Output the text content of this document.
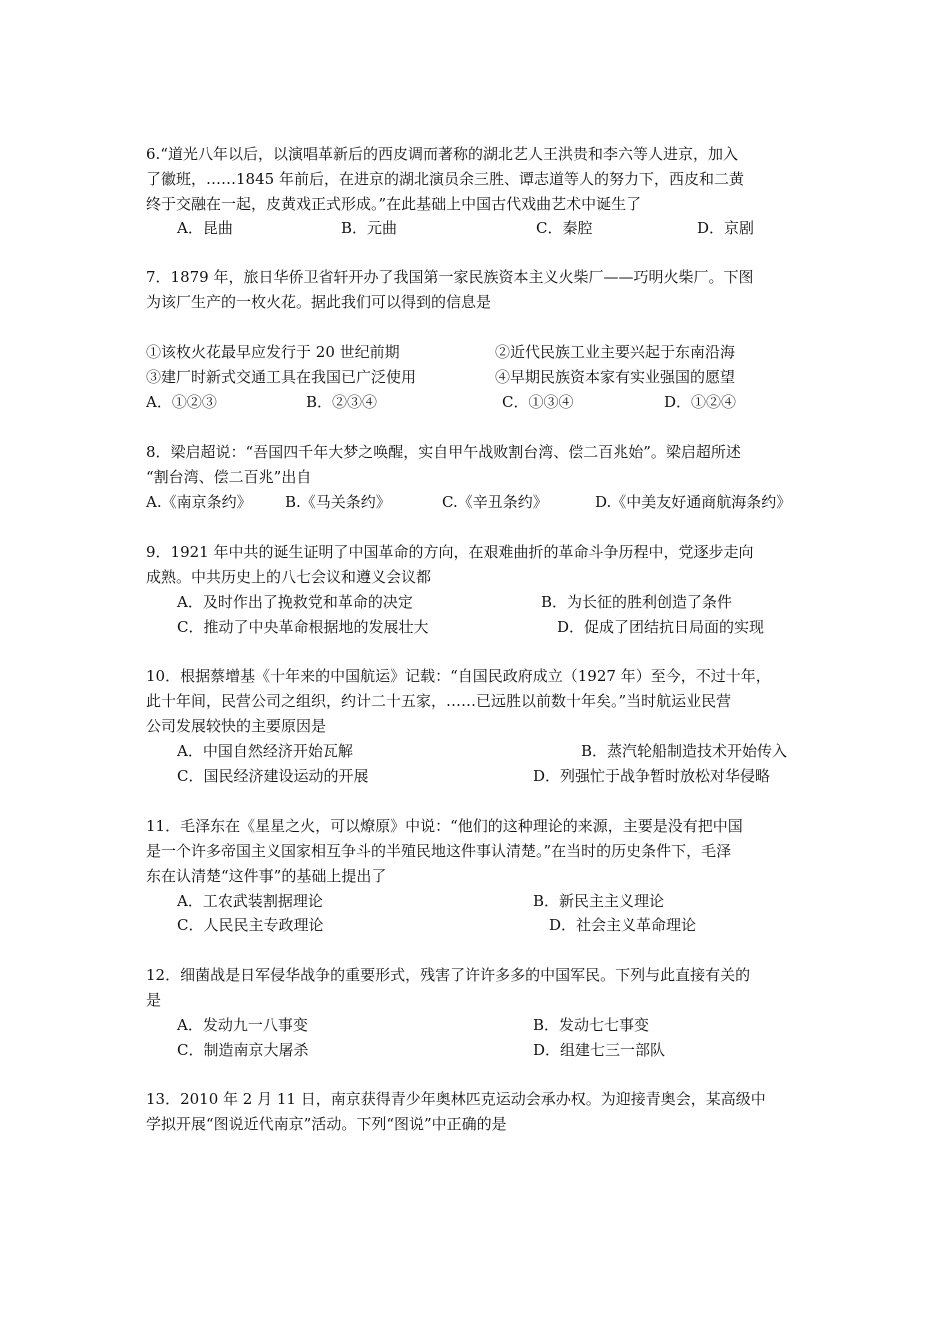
6.“道光八年以后，以演唱革新后的西皮调而著称的湖北艺人王洪贵和李六等人进京，加入
了徽班，……1845 年前后，在进京的湖北演员余三胜、谭志道等人的努力下，西皮和二黄
终于交融在一起，皮黄戏正式形成。”在此基础上中国古代戏曲艺术中诞生了
A．昆曲	B．元曲	C．秦腔	D．京剧
7．1879 年，旅日华侨卫省轩开办了我国第一家民族资本主义火柴厂——巧明火柴厂。下图
为该厂生产的一枚火花。据此我们可以得到的信息是
①该枚火花最早应发行于 20 世纪前期	②近代民族工业主要兴起于东南沿海
③建厂时新式交通工具在我国已广泛使用	④早期民族资本家有实业强国的愿望
A．①②③	B．②③④	C．①③④	D．①②④
8．梁启超说：“吾国四千年大梦之唤醒，实自甲午战败割台湾、偿二百兆始”。梁启超所述
“割台湾、偿二百兆”出自
A.《南京条约》 B.《马关条约》	C.《辛丑条约》	D.《中美友好通商航海条约》
9．1921 年中共的诞生证明了中国革命的方向，在艰难曲折的革命斗争历程中，党逐步走向
成熟。中共历史上的八七会议和遵义会议都
A．及时作出了挽救党和革命的决定	B．为长征的胜利创造了条件
C．推动了中央革命根据地的发展壮大	D．促成了团结抗日局面的实现
10．根据蔡增基《十年来的中国航运》记载：“自国民政府成立（1927 年）至今，不过十年，
此十年间，民营公司之组织，约计二十五家，……已远胜以前数十年矣。”当时航运业民营
公司发展较快的主要原因是
A．中国自然经济开始瓦解	B．蒸汽轮船制造技术开始传入
C．国民经济建设运动的开展	D．列强忙于战争暂时放松对华侵略
11．毛泽东在《星星之火，可以燎原》中说：“他们的这种理论的来源，主要是没有把中国
是一个许多帝国主义国家相互争斗的半殖民地这件事认清楚。”在当时的历史条件下，毛泽
东在认清楚“这件事”的基础上提出了
A．工农武装割据理论	B．新民主主义理论
C．人民民主专政理论	D．社会主义革命理论
12．细菌战是日军侵华战争的重要形式，残害了许许多多的中国军民。下列与此直接有关的
是
A．发动九一八事变	B．发动七七事变
C．制造南京大屠杀	D．组建七三一部队
13．2010 年 2 月 11 日，南京获得青少年奥林匹克运动会承办权。为迎接青奥会，某高级中
学拟开展“图说近代南京”活动。下列“图说”中正确的是
